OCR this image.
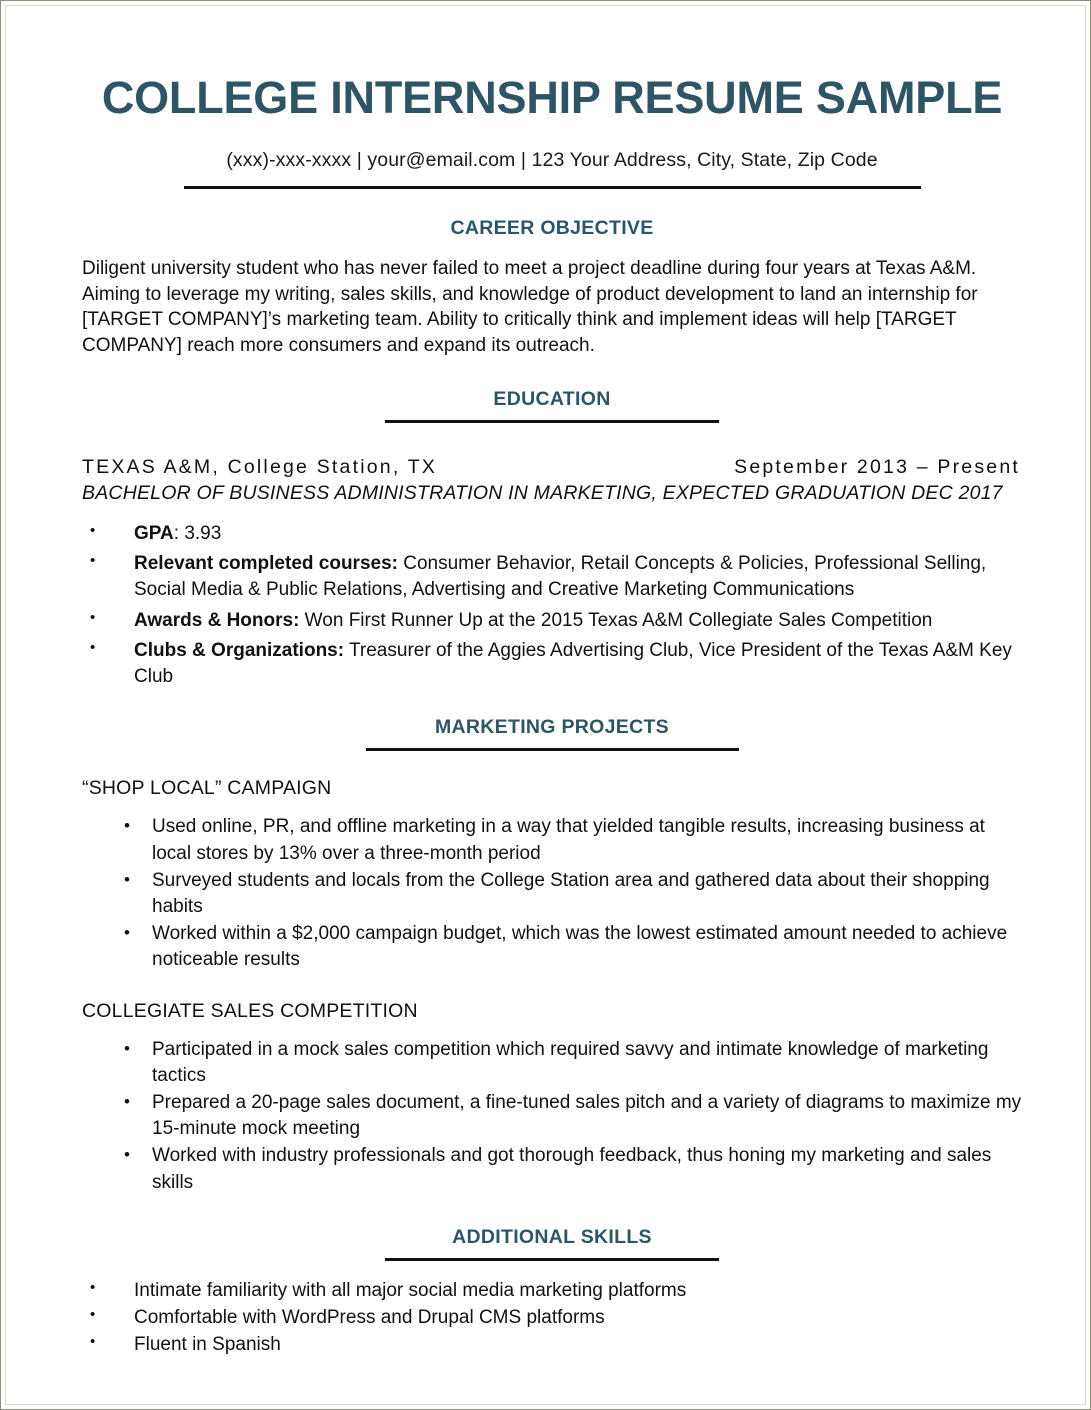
COLLEGE INTERNSHIP RESUME SAMPLE
(xxx)-xxx-xxxx | your@email.com | 123 Your Address, City, State, Zip Code
CAREER OBJECTIVE
Diligent university student who has never failed to meet a project deadline during four years at Texas A&M. Aiming to leverage my writing, sales skills, and knowledge of product development to land an internship for [TARGET COMPANY]’s marketing team. Ability to critically think and implement ideas will help [TARGET COMPANY] reach more consumers and expand its outreach.
EDUCATION
TEXAS A&M, College Station, TX	September 2013 – Present
BACHELOR OF BUSINESS ADMINISTRATION IN MARKETING, EXPECTED GRADUATION DEC 2017
• GPA: 3.93
• Relevant completed courses: Consumer Behavior, Retail Concepts & Policies, Professional Selling, Social Media & Public Relations, Advertising and Creative Marketing Communications
• Awards & Honors: Won First Runner Up at the 2015 Texas A&M Collegiate Sales Competition
• Clubs & Organizations: Treasurer of the Aggies Advertising Club, Vice President of the Texas A&M Key Club
MARKETING PROJECTS
“SHOP LOCAL” CAMPAIGN
• Used online, PR, and offline marketing in a way that yielded tangible results, increasing business at local stores by 13% over a three-month period
• Surveyed students and locals from the College Station area and gathered data about their shopping habits
• Worked within a $2,000 campaign budget, which was the lowest estimated amount needed to achieve noticeable results
COLLEGIATE SALES COMPETITION
• Participated in a mock sales competition which required savvy and intimate knowledge of marketing tactics
• Prepared a 20-page sales document, a fine-tuned sales pitch and a variety of diagrams to maximize my 15-minute mock meeting
• Worked with industry professionals and got thorough feedback, thus honing my marketing and sales skills
ADDITIONAL SKILLS
• Intimate familiarity with all major social media marketing platforms
• Comfortable with WordPress and Drupal CMS platforms
• Fluent in Spanish
